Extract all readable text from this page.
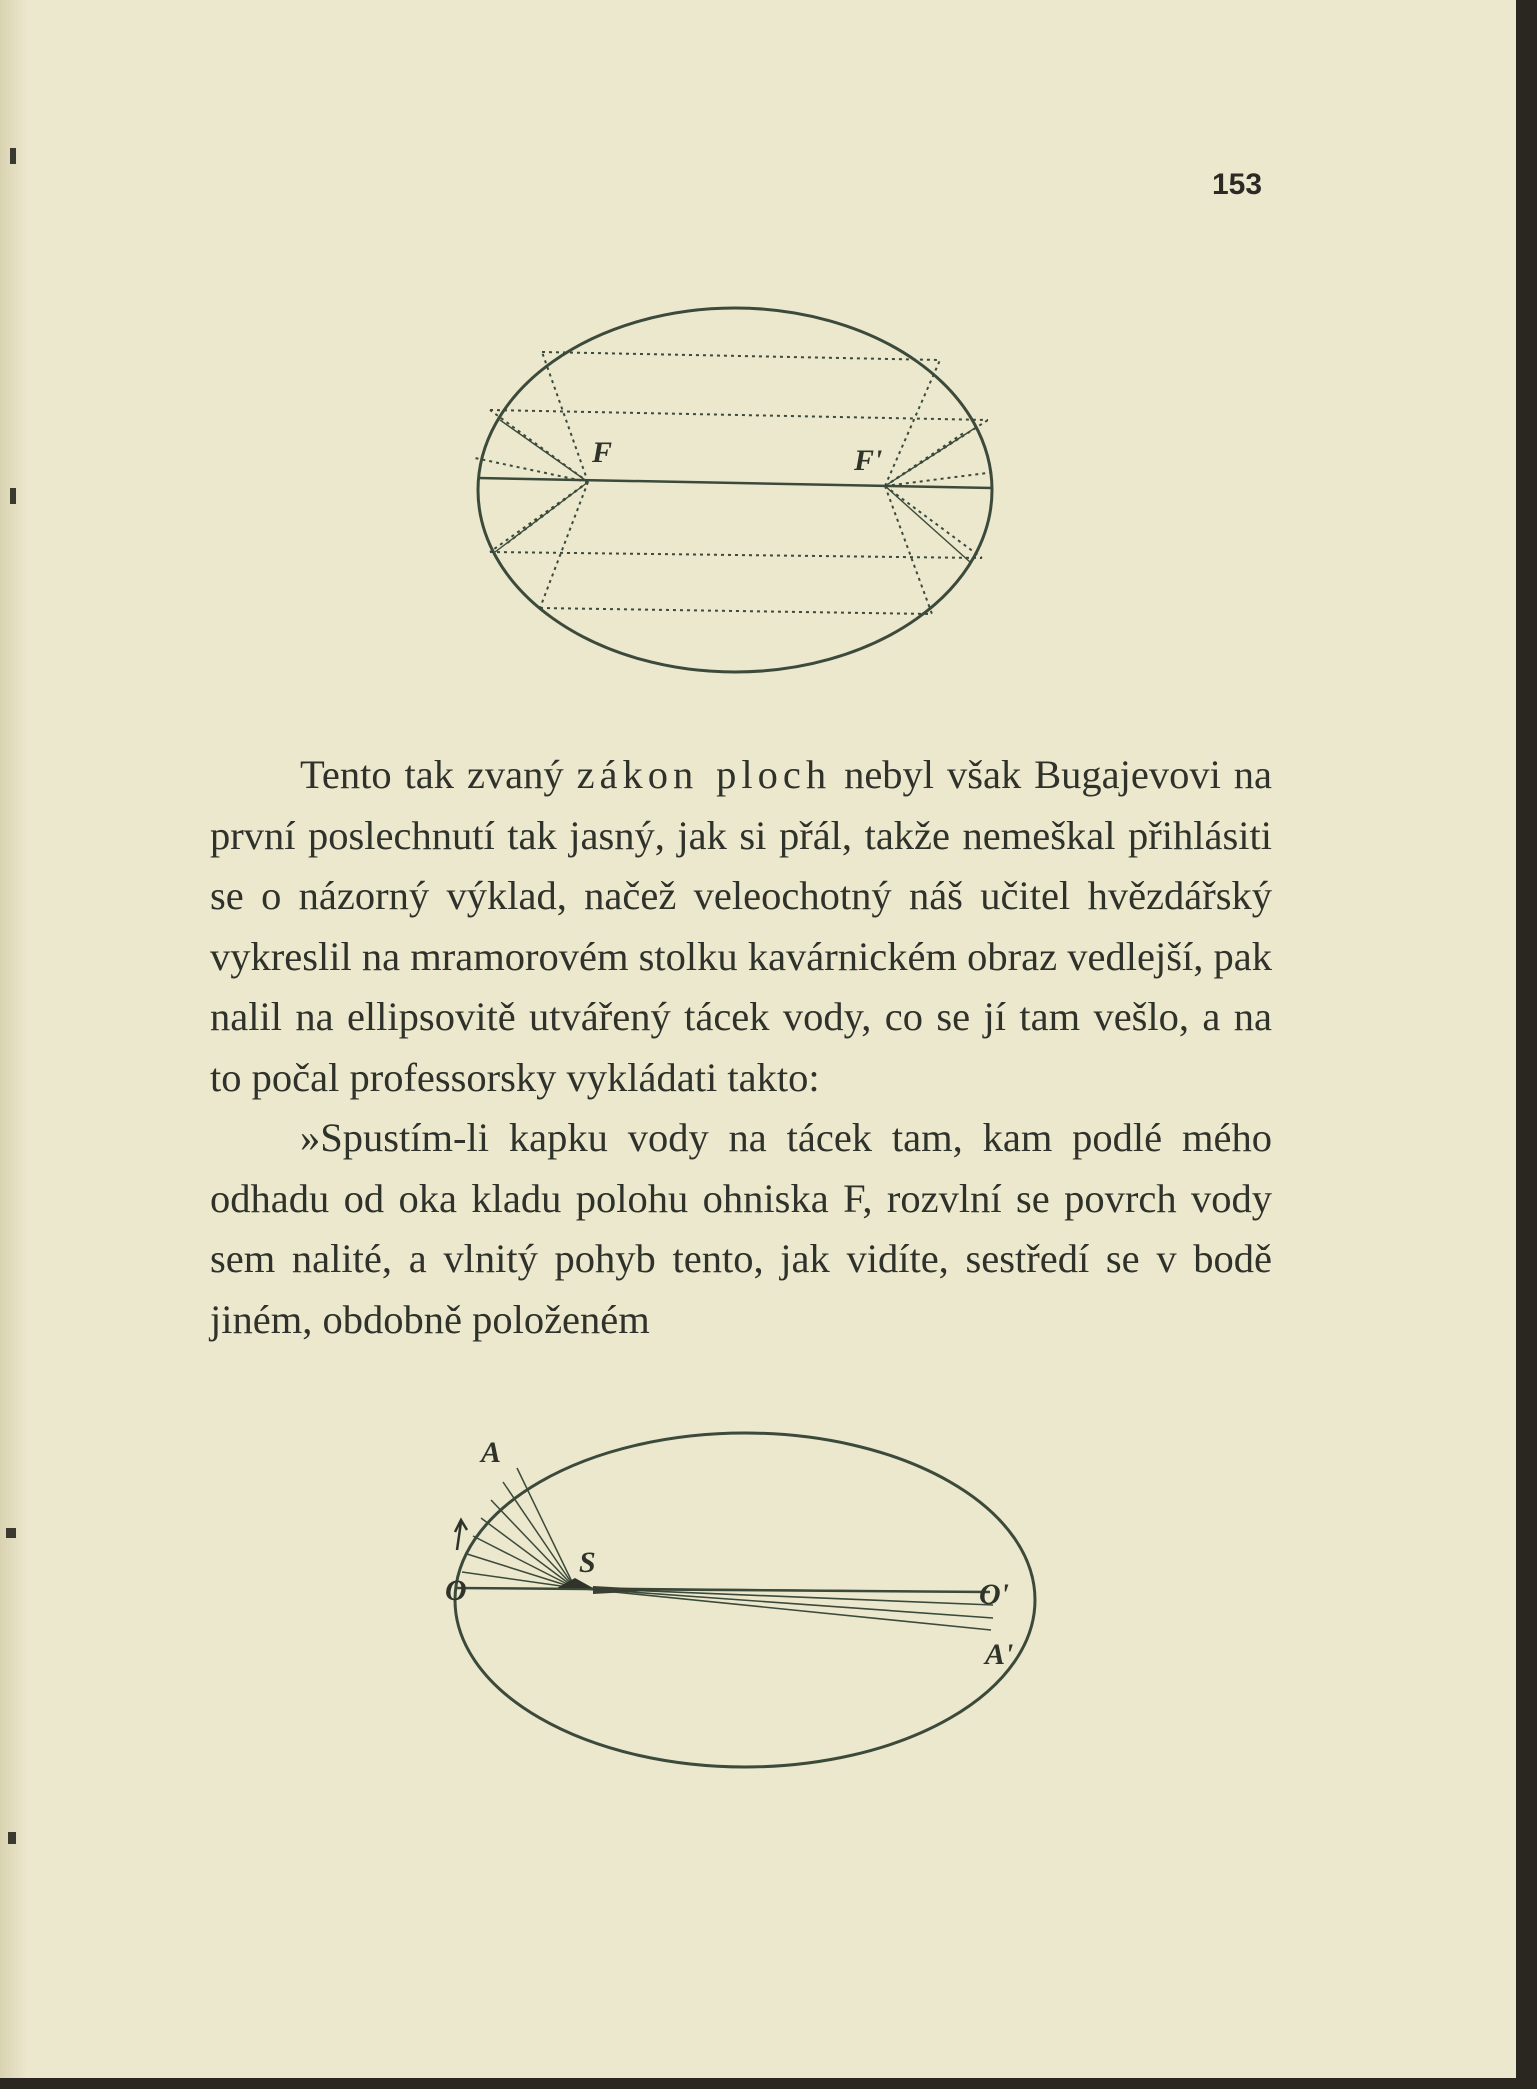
153
F	F'

Tento tak zvaný zákon ploch nebyl však Bugajevovi na první poslechnutí tak jasný, jak si přál, takže nemeškal přihlásiti se o názorný výklad, načež veleochotný náš učitel hvězdářský vykreslil na mramorovém stolku kavárnickém obraz vedlejší, pak nalil na ellipsovitě utvářený tácek vody, co se jí tam vešlo, a na to počal professorsky vykládati takto:

»Spustím-li kapku vody na tácek tam, kam podlé mého odhadu od oka kladu polohu ohniska F, rozvlní se povrch vody sem nalité, a vlnitý pohyb tento, jak vidíte, sestředí se v bodě jiném, obdobně položeném

A
S
O	O'
A'
